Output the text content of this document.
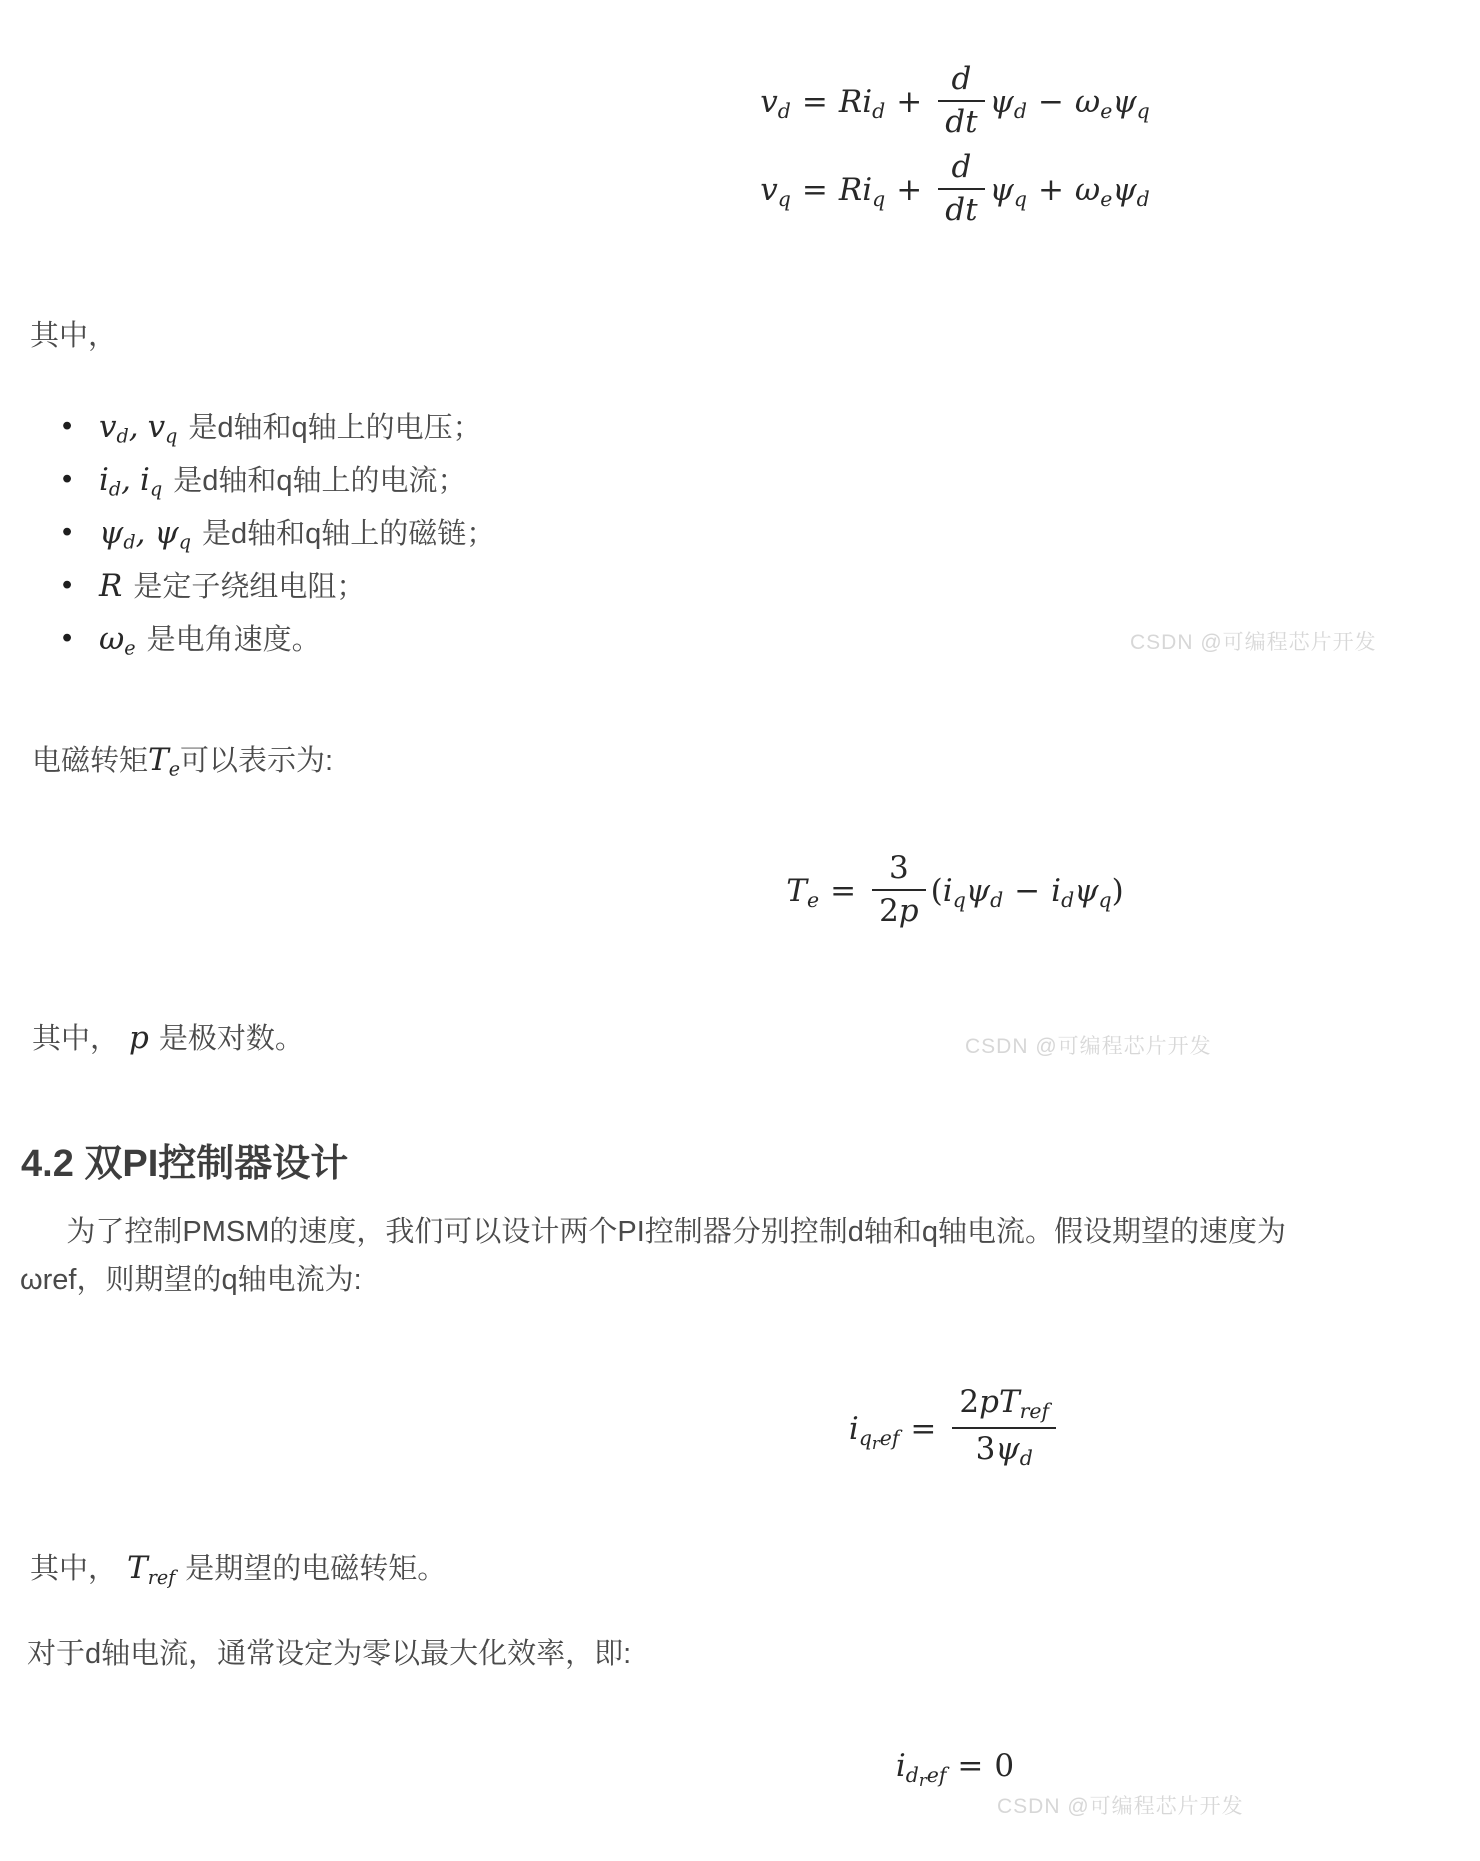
vd = Rid + $\frac{d}{dt}$ ψd − ωeψq
vq = Riq + $\frac{d}{dt}$ ψq + ωeψd
其中，
• vd, vq 是d轴和q轴上的电压；
• id, iq 是d轴和q轴上的电流；
• ψd, ψq 是d轴和q轴上的磁链；
• R 是定子绕组电阻；
• ωe 是电角速度。	CSDN @可编程芯片开发
电磁转矩Te可以表示为:
$Te = \frac{3}{2p} (iq\psi d - id\psi q)$
其中， p 是极对数。	CSDN @可编程芯片开发
4.2 双PI控制器设计
为了控制PMSM的速度，我们可以设计两个PI控制器分别控制d轴和q轴电流。假设期望的速度为
ωref，则期望的q轴电流为:
iqref = $\frac{\text{2pTref}}{3\psi d}$
其中， Tref 是期望的电磁转矩。
对于d轴电流，通常设定为零以最大化效率，即:
idref = 0
CSDN @可编程芯片开发
